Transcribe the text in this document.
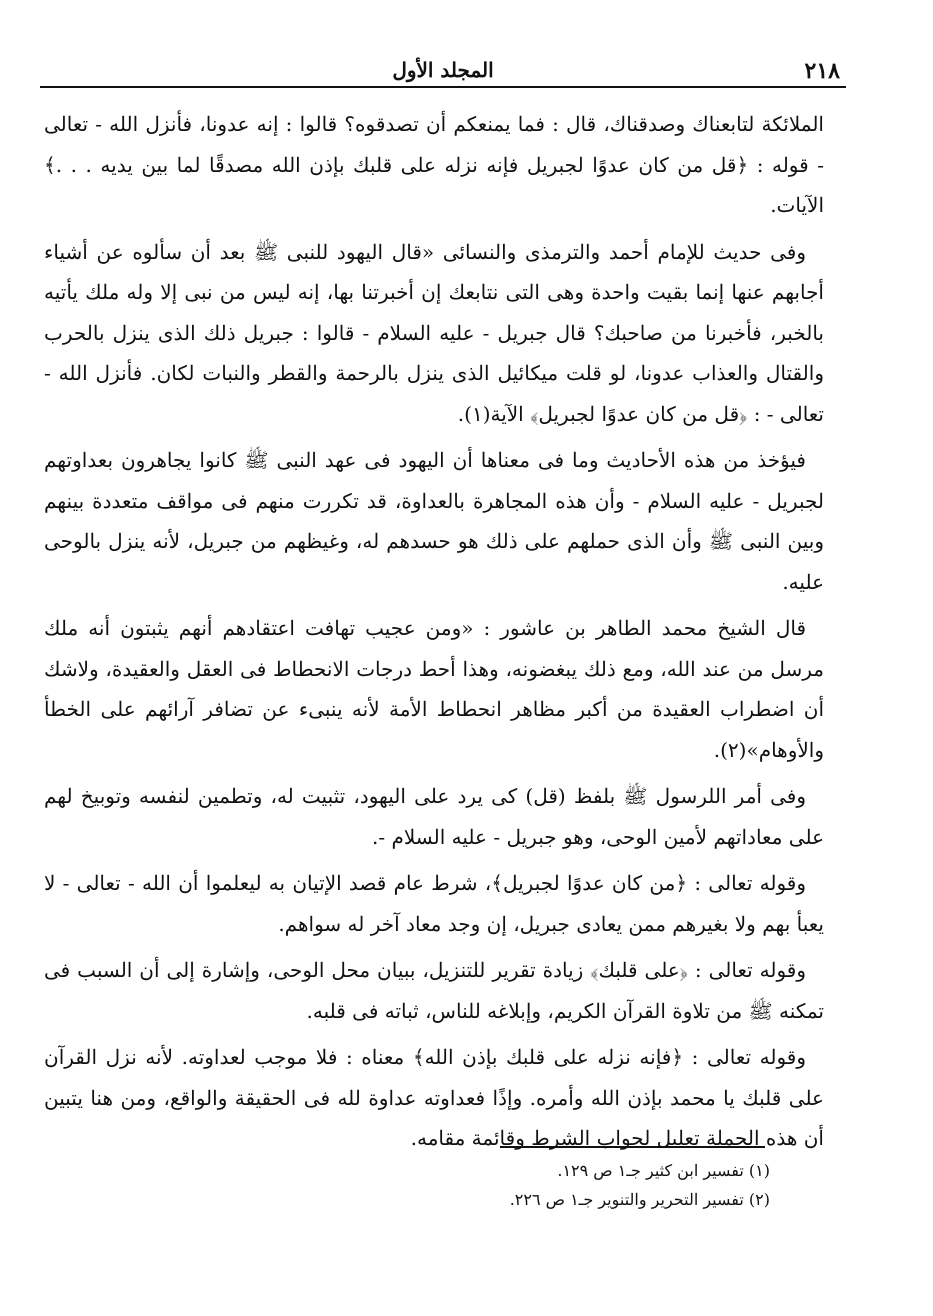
٢١٨
المجلد الأول

الملائكة لتابعناك وصدقناك، قال : فما يمنعكم أن تصدقوه؟ قالوا : إنه عدونا، فأنزل الله - تعالى - قوله : ﴿قل من كان عدوًا لجبريل فإنه نزله على قلبك بإذن الله مصدقًا لما بين يديه . . .﴾ الآيات.

وفى حديث للإمام أحمد والترمذى والنسائى «قال اليهود للنبى ﷺ بعد أن سألوه عن أشياء أجابهم عنها إنما بقيت واحدة وهى التى نتابعك إن أخبرتنا بها، إنه ليس من نبى إلا وله ملك يأتيه بالخبر، فأخبرنا من صاحبك؟ قال جبريل - عليه السلام - قالوا : جبريل ذلك الذى ينزل بالحرب والقتال والعذاب عدونا، لو قلت ميكائيل الذى ينزل بالرحمة والقطر والنبات لكان. فأنزل الله - تعالى - : ﴿قل من كان عدوًا لجبريل﴾ الآية(١).

فيؤخذ من هذه الأحاديث وما فى معناها أن اليهود فى عهد النبى ﷺ كانوا يجاهرون بعداوتهم لجبريل - عليه السلام - وأن هذه المجاهرة بالعداوة، قد تكررت منهم فى مواقف متعددة بينهم وبين النبى ﷺ وأن الذى حملهم على ذلك هو حسدهم له، وغيظهم من جبريل، لأنه ينزل بالوحى عليه.

قال الشيخ محمد الطاهر بن عاشور : «ومن عجيب تهافت اعتقادهم أنهم يثبتون أنه ملك مرسل من عند الله، ومع ذلك يبغضونه، وهذا أحط درجات الانحطاط فى العقل والعقيدة، ولاشك أن اضطراب العقيدة من أكبر مظاهر انحطاط الأمة لأنه ينبىء عن تضافر آرائهم على الخطأ والأوهام»(٢).

وفى أمر اللرسول ﷺ بلفظ (قل) كى يرد على اليهود، تثبيت له، وتطمين لنفسه وتوبيخ لهم على معاداتهم لأمين الوحى، وهو جبريل - عليه السلام -.

وقوله تعالى : ﴿من كان عدوًا لجبريل﴾، شرط عام قصد الإتيان به ليعلموا أن الله - تعالى - لا يعبأ بهم ولا بغيرهم ممن يعادى جبريل، إن وجد معاد آخر له سواهم.

وقوله تعالى : ﴿على قلبك﴾ زيادة تقرير للتنزيل، ببيان محل الوحى، وإشارة إلى أن السبب فى تمكنه ﷺ من تلاوة القرآن الكريم، وإبلاغه للناس، ثباته فى قلبه.

وقوله تعالى : ﴿فإنه نزله على قلبك بإذن الله﴾ معناه : فلا موجب لعداوته. لأنه نزل القرآن على قلبك يا محمد بإذن الله وأمره. وإذًا فعداوته عداوة لله فى الحقيقة والواقع، ومن هنا يتبين أن هذه الجملة تعليل لجواب الشرط وقائمة مقامه.

(١) تفسير ابن كثير جـ١ ص ١٢٩.

(٢) تفسير التحرير والتنوير جـ١ ص ٢٢٦.
